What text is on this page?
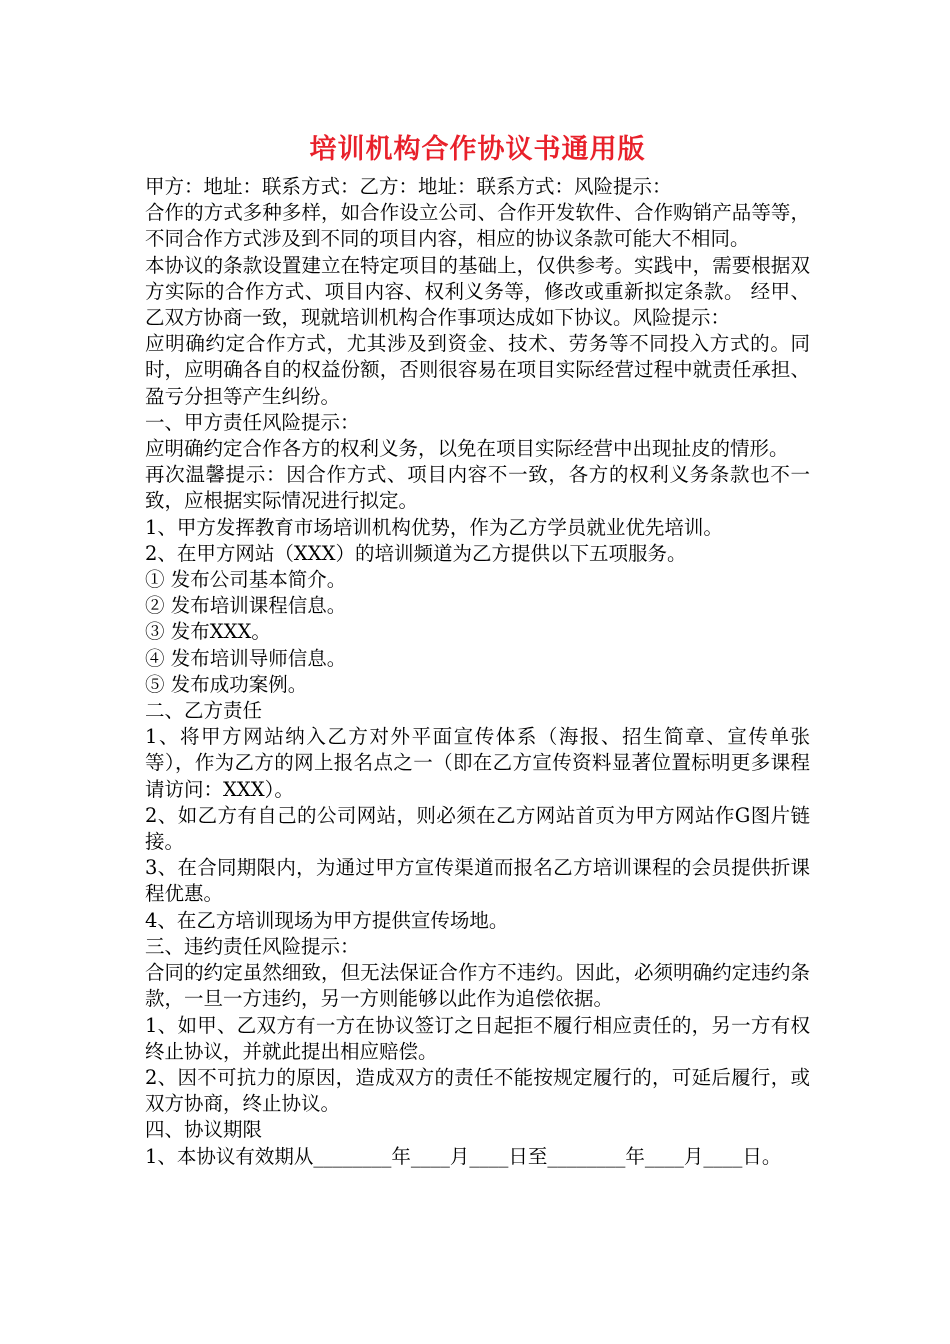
培训机构合作协议书通用版

甲方：地址：联系方式：乙方：地址：联系方式：风险提示：

合作的方式多种多样，如合作设立公司、合作开发软件、合作购销产品等等，不同合作方式涉及到不同的项目内容，相应的协议条款可能大不相同。

本协议的条款设置建立在特定项目的基础上，仅供参考。实践中，需要根据双方实际的合作方式、项目内容、权利义务等，修改或重新拟定条款。 经甲、乙双方协商一致，现就培训机构合作事项达成如下协议。风险提示：

应明确约定合作方式，尤其涉及到资金、技术、劳务等不同投入方式的。同时，应明确各自的权益份额，否则很容易在项目实际经营过程中就责任承担、盈亏分担等产生纠纷。

一、甲方责任风险提示：

应明确约定合作各方的权利义务，以免在项目实际经营中出现扯皮的情形。

再次温馨提示：因合作方式、项目内容不一致，各方的权利义务条款也不一致，应根据实际情况进行拟定。

1、甲方发挥教育市场培训机构优势，作为乙方学员就业优先培训。

2、在甲方网站（XXX）的培训频道为乙方提供以下五项服务。

① 发布公司基本简介。

② 发布培训课程信息。

③ 发布XXX。

④ 发布培训导师信息。

⑤ 发布成功案例。

二、乙方责任

1、将甲方网站纳入乙方对外平面宣传体系（海报、招生简章、宣传单张等），作为乙方的网上报名点之一（即在乙方宣传资料显著位置标明更多课程请访问：XXX）。

2、如乙方有自己的公司网站，则必须在乙方网站首页为甲方网站作G图片链接。

3、在合同期限内，为通过甲方宣传渠道而报名乙方培训课程的会员提供折课程优惠。

4、在乙方培训现场为甲方提供宣传场地。

三、违约责任风险提示：

合同的约定虽然细致，但无法保证合作方不违约。因此，必须明确约定违约条款，一旦一方违约，另一方则能够以此作为追偿依据。

1、如甲、乙双方有一方在协议签订之日起拒不履行相应责任的，另一方有权终止协议，并就此提出相应赔偿。

2、因不可抗力的原因，造成双方的责任不能按规定履行的，可延后履行，或双方协商，终止协议。

四、协议期限

1、本协议有效期从________年____月____日至________年____月____日。
